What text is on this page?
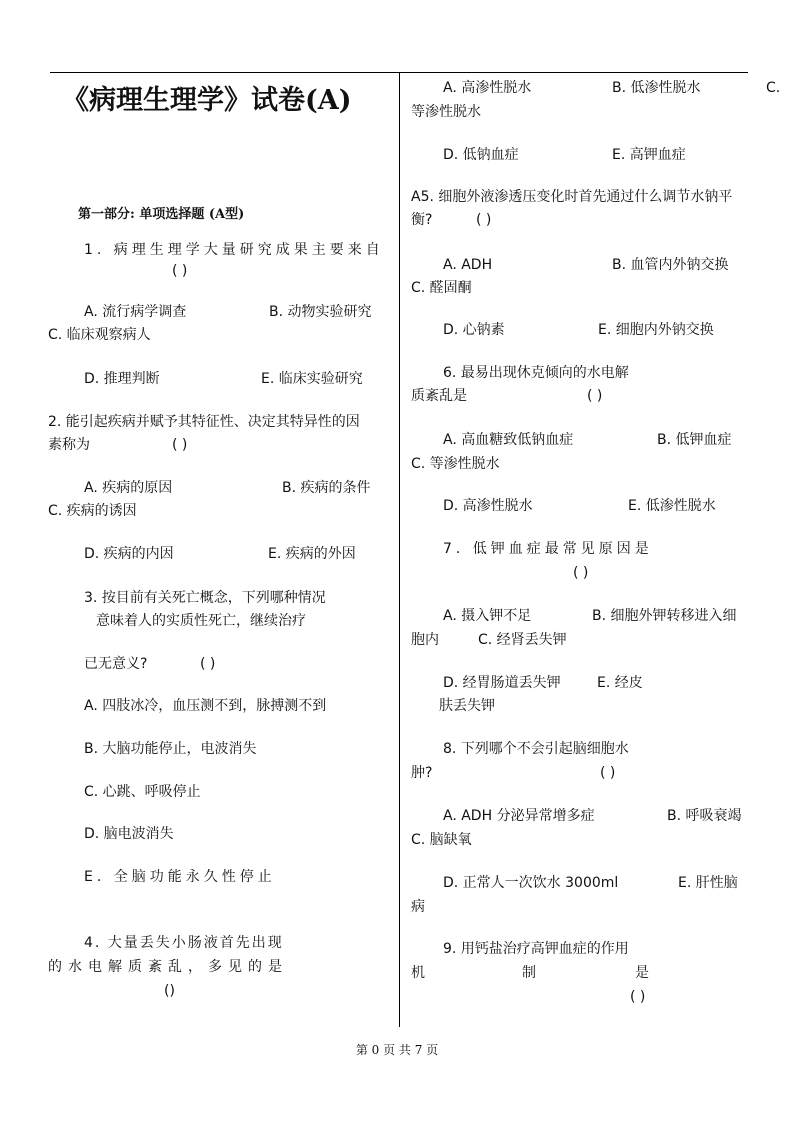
《病理生理学》试卷(A)
第一部分: 单项选择题 (A型)
1. 病理生理学大量研究成果主要来自
( )
A. 流行病学调查	B. 动物实验研究
C. 临床观察病人
D. 推理判断	E. 临床实验研究
2. 能引起疾病并赋予其特征性、决定其特异性的因
素称为	( )
A. 疾病的原因	B. 疾病的条件
C. 疾病的诱因
D. 疾病的内因	E. 疾病的外因
3. 按目前有关死亡概念，下列哪种情况
意味着人的实质性死亡，继续治疗
已无意义?	( )
A. 四肢冰冷，血压测不到，脉搏测不到
B. 大脑功能停止，电波消失
C. 心跳、呼吸停止
D. 脑电波消失
E. 全脑功能永久性停止
4. 大量丢失小肠液首先出现
的水电解质紊乱，多见的是
()
A. 高渗性脱水	B. 低渗性脱水	C.
等渗性脱水
D. 低钠血症	E. 高钾血症
A5. 细胞外液渗透压变化时首先通过什么调节水钠平
衡?	( )
A. ADH	B. 血管内外钠交换
C. 醛固酮
D. 心钠素	E. 细胞内外钠交换
6. 最易出现休克倾向的水电解
质紊乱是	( )
A. 高血糖致低钠血症	B. 低钾血症
C. 等渗性脱水
D. 高渗性脱水	E. 低渗性脱水
7. 低钾血症最常见原因是
( )
A. 摄入钾不足	B. 细胞外钾转移进入细
胞内	C. 经肾丢失钾
D. 经胃肠道丢失钾	E. 经皮
肤丢失钾
8. 下列哪个不会引起脑细胞水
肿?	( )
A. ADH 分泌异常增多症	B. 呼吸衰竭
C. 脑缺氧
D. 正常人一次饮水 3000ml	E. 肝性脑
病
9. 用钙盐治疗高钾血症的作用
机	制	是
( )
第 0 页 共 7 页
